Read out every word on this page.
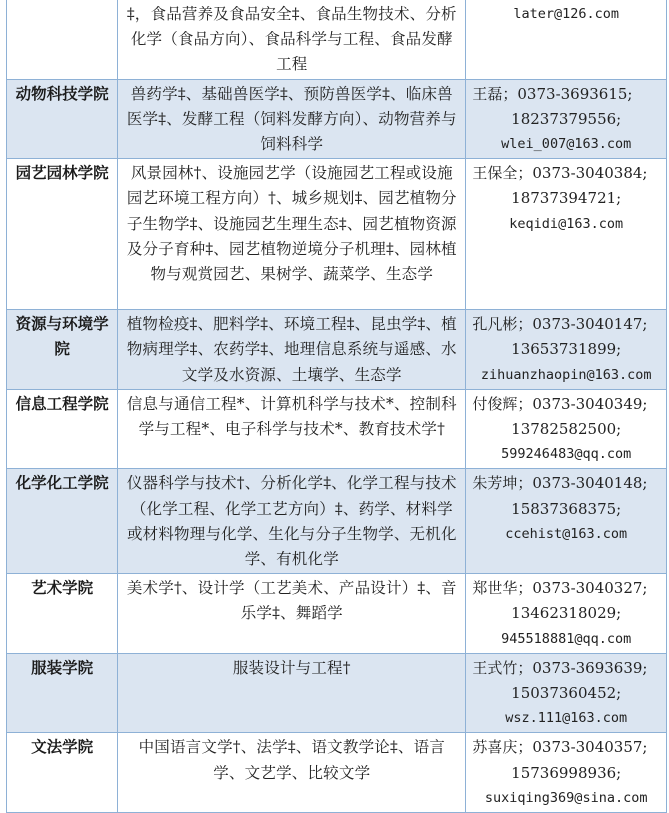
	‡，食品营养及食品安全‡、食品生物技术、分析化学（食品方向）、食品科学与工程、食品发酵工程	later@126.com

动物科技学院	兽药学‡、基础兽医学‡、预防兽医学‡、临床兽医学‡、发酵工程（饲料发酵方向）、动物营养与饲料科学	王磊；0373-3693615;
18237379556;
wlei_007@163.com

园艺园林学院	风景园林†、设施园艺学（设施园艺工程或设施园艺环境工程方向）†、城乡规划‡、园艺植物分子生物学‡、设施园艺生理生态‡、园艺植物资源及分子育种‡、园艺植物逆境分子机理‡、园林植物与观赏园艺、果树学、蔬菜学、生态学	王保全；0373-3040384;
18737394721;
keqidi@163.com

资源与环境学院	植物检疫‡、肥料学‡、环境工程‡、昆虫学‡、植物病理学‡、农药学‡、地理信息系统与遥感、水文学及水资源、土壤学、生态学	孔凡彬；0373-3040147;
13653731899;
zihuanzhaopin@163.com

信息工程学院	信息与通信工程*、计算机科学与技术*、控制科学与工程*、电子科学与技术*、教育技术学†	付俊辉；0373-3040349;
13782582500;
599246483@qq.com

化学化工学院	仪器科学与技术†、分析化学‡、化学工程与技术（化学工程、化学工艺方向）‡、药学、材料学或材料物理与化学、生化与分子生物学、无机化学、有机化学	朱芳坤；0373-3040148;
15837368375;
ccehist@163.com

艺术学院	美术学†、设计学（工艺美术、产品设计）‡、音乐学‡、舞蹈学	郑世华；0373-3040327;
13462318029;
945518881@qq.com

服装学院	服装设计与工程†	王式竹；0373-3693639;
15037360452;
wsz.111@163.com

文法学院	中国语言文学†、法学‡、语文教学论‡、语言学、文艺学、比较文学	苏喜庆；0373-3040357;
15736998936;
suxiqing369@sina.com
